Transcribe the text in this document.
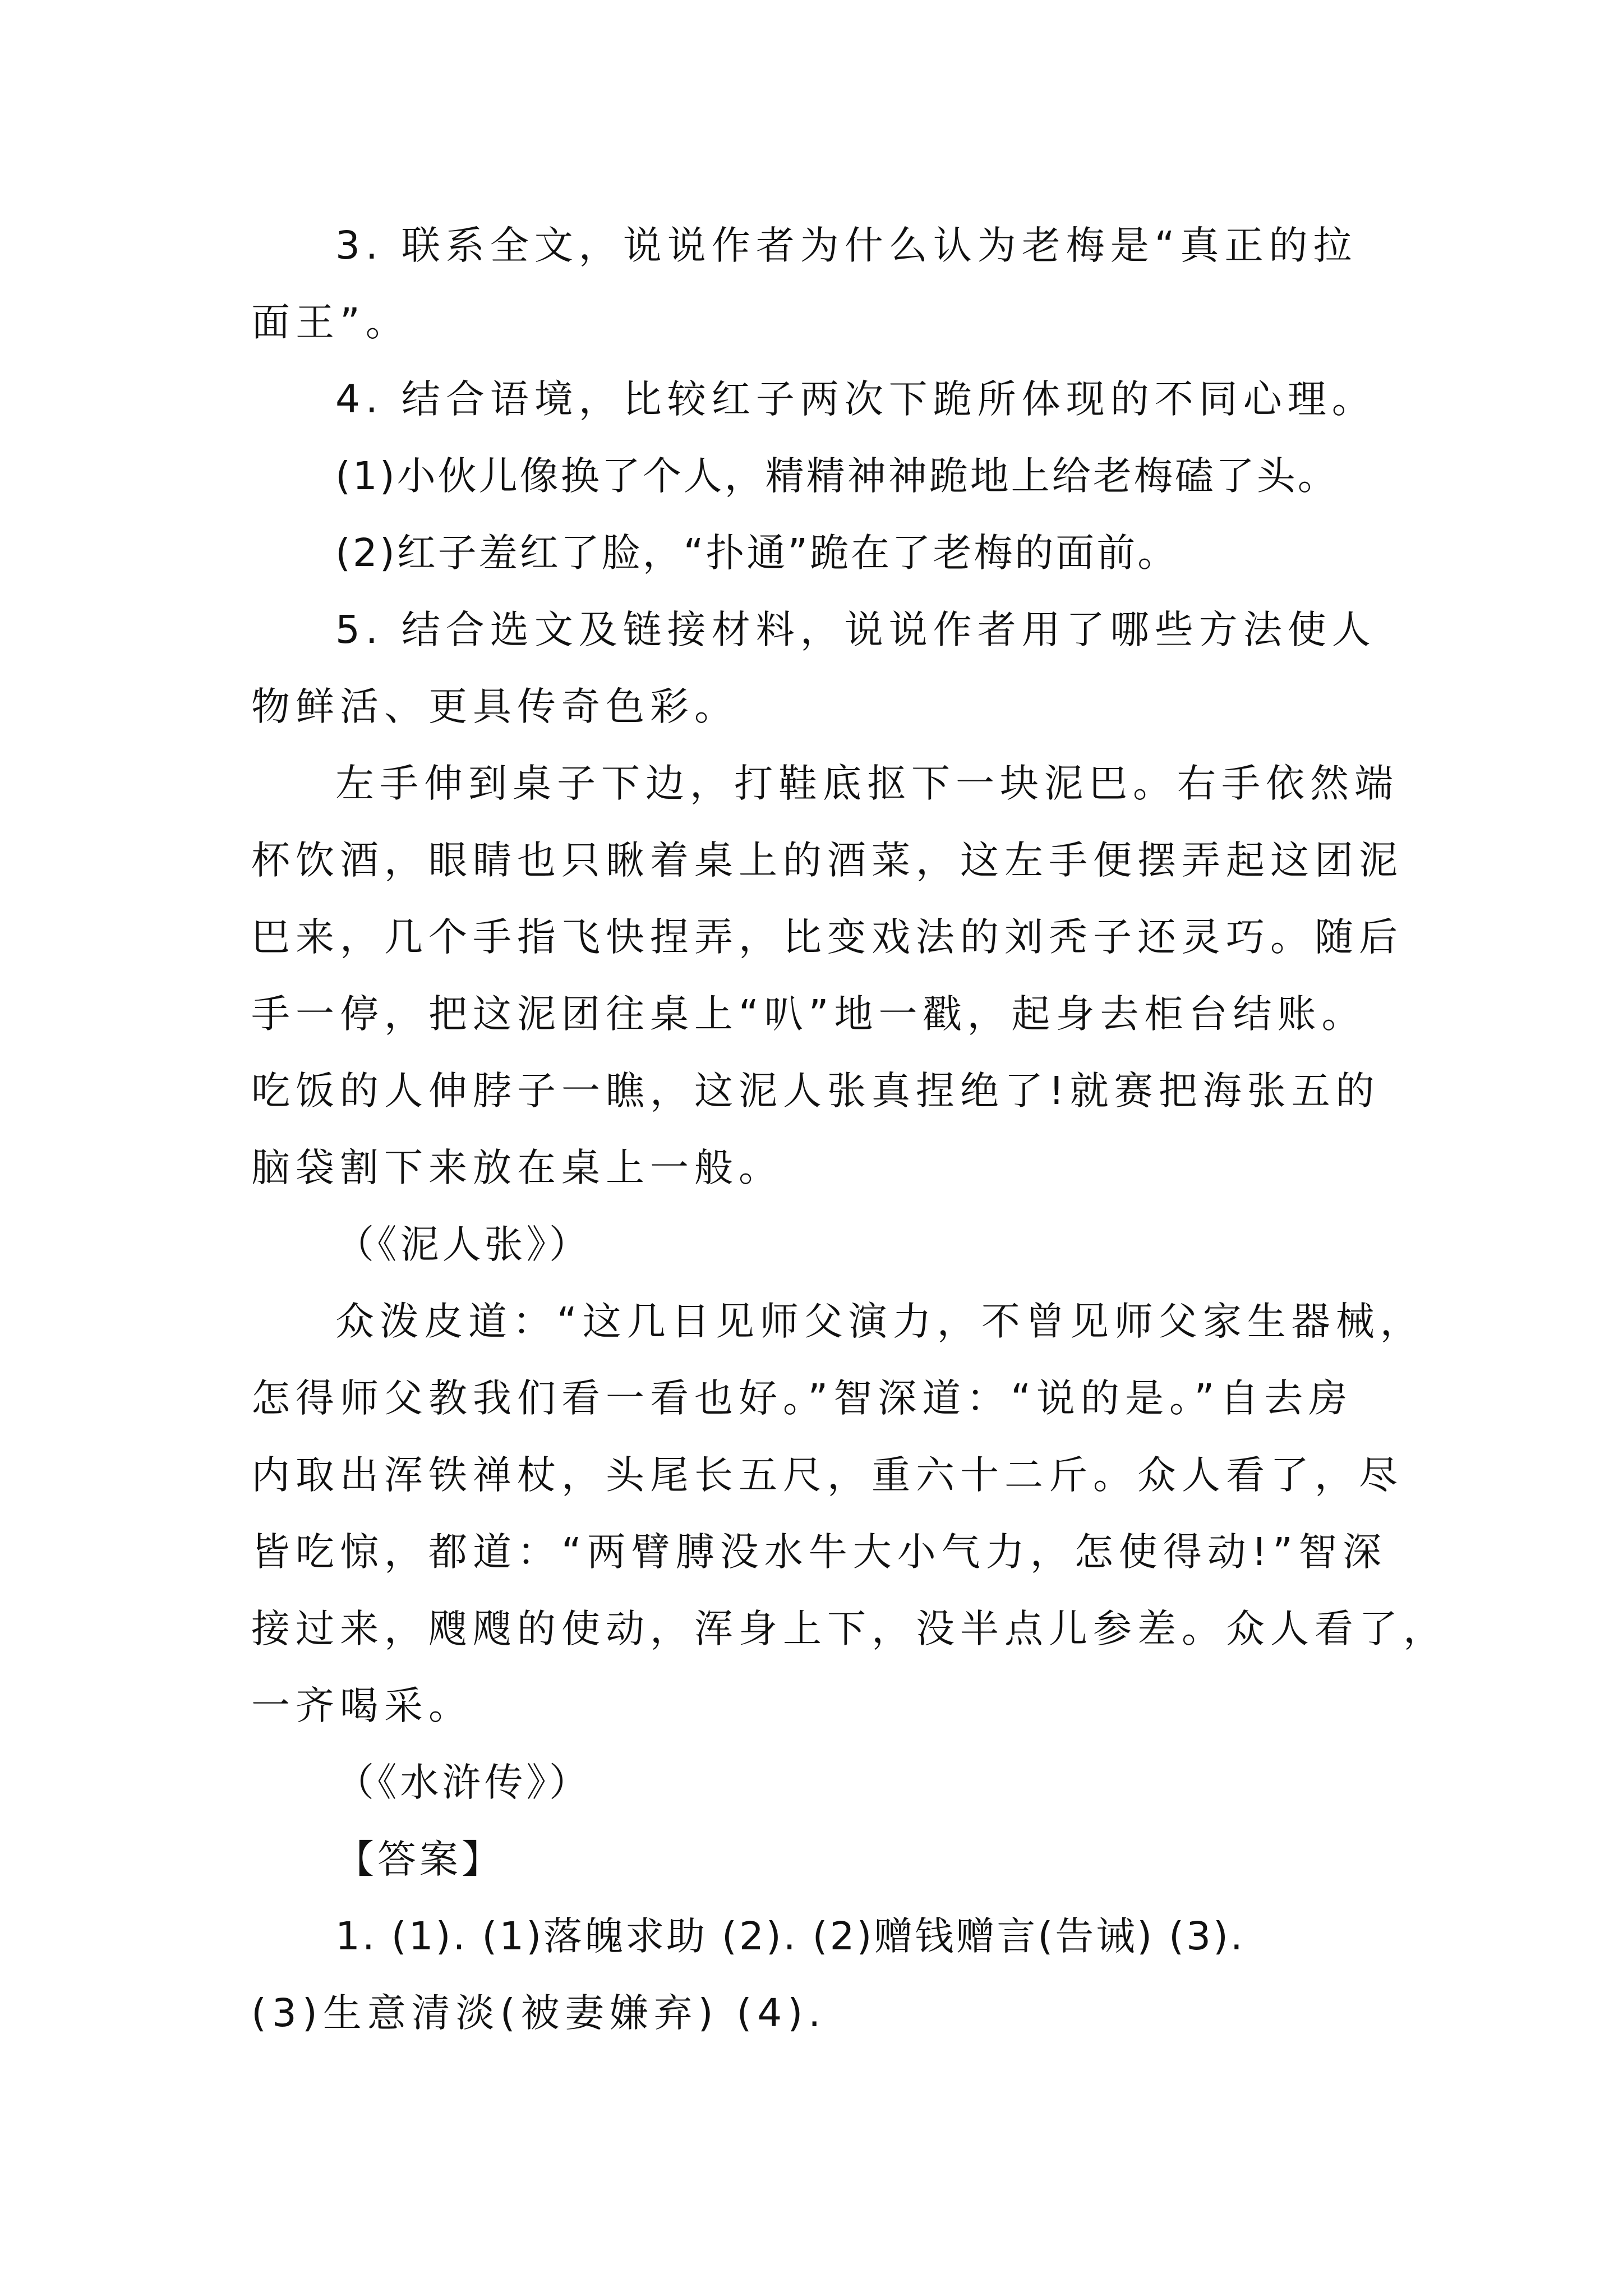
3. 联系全文，说说作者为什么认为老梅是“真正的拉
面王”。
4. 结合语境，比较红子两次下跪所体现的不同心理。
(1)小伙儿像换了个人，精精神神跪地上给老梅磕了头。
(2)红子羞红了脸，“扑通”跪在了老梅的面前。
5. 结合选文及链接材料，说说作者用了哪些方法使人
物鲜活、更具传奇色彩。
左手伸到桌子下边，打鞋底抠下一块泥巴。右手依然端
杯饮酒，眼睛也只瞅着桌上的酒菜，这左手便摆弄起这团泥
巴来，几个手指飞快捏弄，比变戏法的刘秃子还灵巧。随后
手一停，把这泥团往桌上“叭”地一戳，起身去柜台结账。
吃饭的人伸脖子一瞧，这泥人张真捏绝了!就赛把海张五的
脑袋割下来放在桌上一般。
（《泥人张》）
众泼皮道：“这几日见师父演力，不曾见师父家生器械，
怎得师父教我们看一看也好。”智深道：“说的是。”自去房
内取出浑铁禅杖，头尾长五尺，重六十二斤。众人看了，尽
皆吃惊，都道：“两臂膊没水牛大小气力，怎使得动!”智深
接过来，飕飕的使动，浑身上下，没半点儿参差。众人看了，
一齐喝采。
（《水浒传》）
【答案】
1. (1). (1)落魄求助 (2). (2)赠钱赠言(告诫) (3).
(3)生意清淡(被妻嫌弃) (4).
